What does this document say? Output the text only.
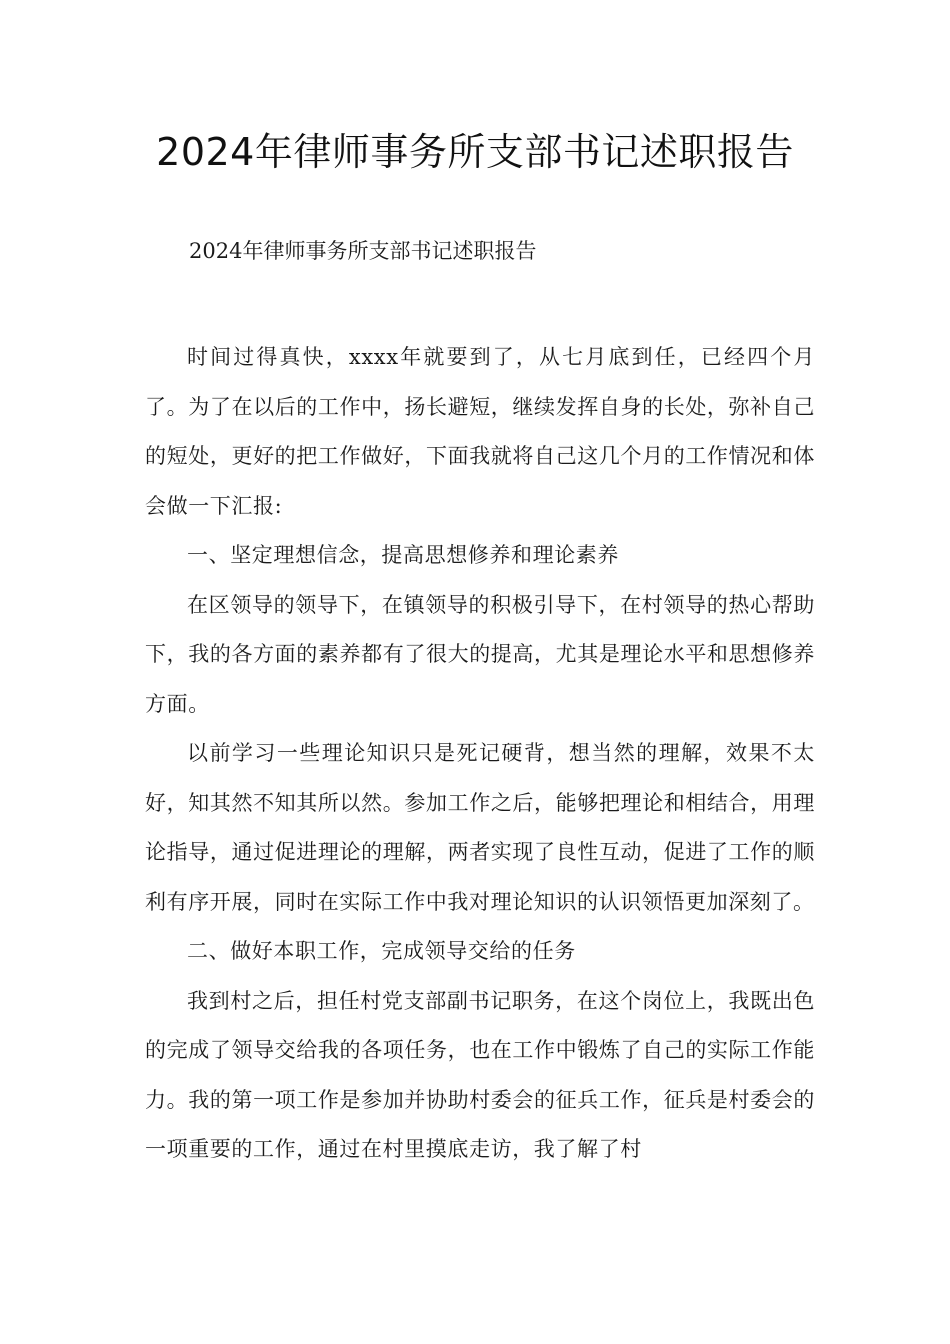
2024年律师事务所支部书记述职报告
2024年律师事务所支部书记述职报告

时间过得真快，xxxx年就要到了，从七月底到任，已经四个月了。为了在以后的工作中，扬长避短，继续发挥自身的长处，弥补自己的短处，更好的把工作做好，下面我就将自己这几个月的工作情况和体会做一下汇报:

一、坚定理想信念，提高思想修养和理论素养

在区领导的领导下，在镇领导的积极引导下，在村领导的热心帮助下，我的各方面的素养都有了很大的提高，尤其是理论水平和思想修养方面。

以前学习一些理论知识只是死记硬背，想当然的理解，效果不太好，知其然不知其所以然。参加工作之后，能够把理论和相结合，用理论指导，通过促进理论的理解，两者实现了良性互动，促进了工作的顺利有序开展，同时在实际工作中我对理论知识的认识领悟更加深刻了。

二、做好本职工作，完成领导交给的任务

我到村之后，担任村党支部副书记职务，在这个岗位上，我既出色的完成了领导交给我的各项任务，也在工作中锻炼了自己的实际工作能力。我的第一项工作是参加并协助村委会的征兵工作，征兵是村委会的一项重要的工作，通过在村里摸底走访，我了解了村
